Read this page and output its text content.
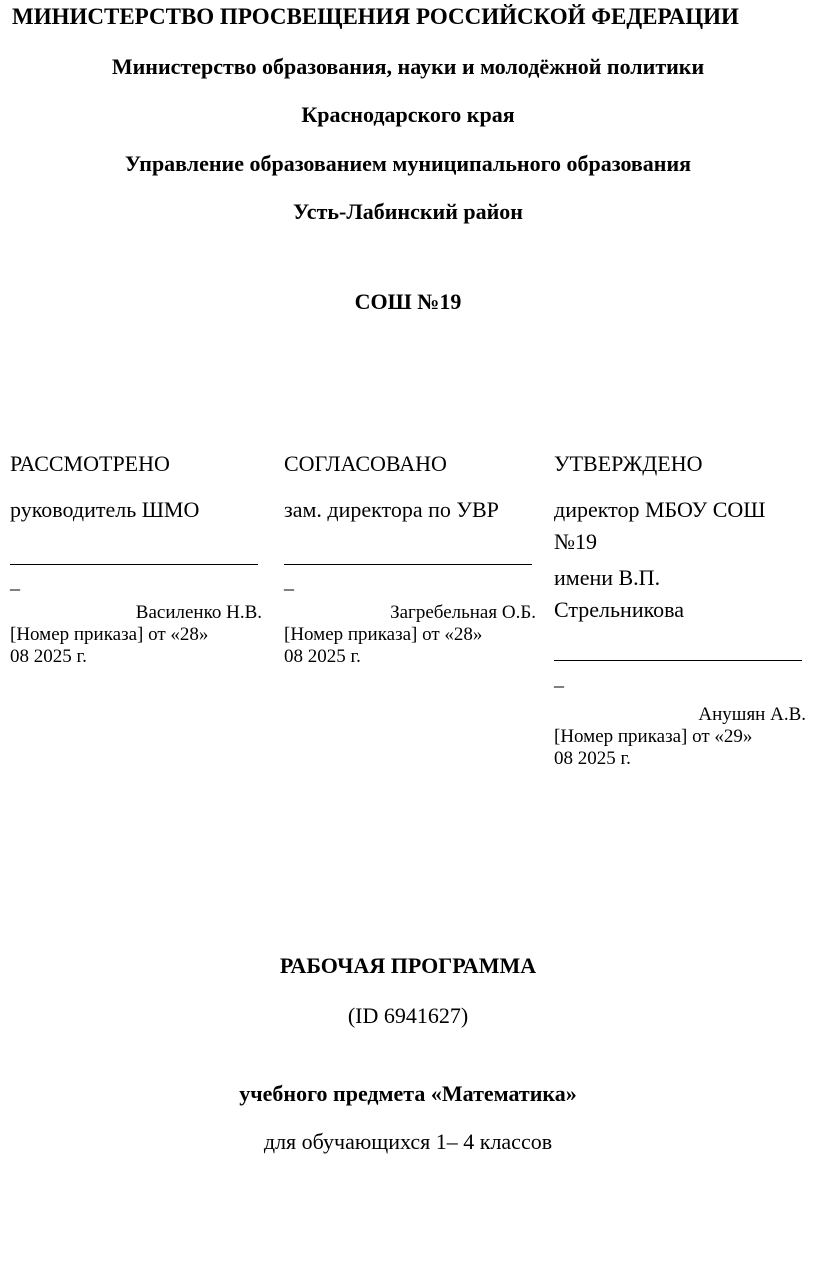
МИНИСТЕРСТВО ПРОСВЕЩЕНИЯ РОССИЙСКОЙ ФЕДЕРАЦИИ
Министерство образования, науки и молодёжной политики
Краснодарского края
Управление образованием муниципального образования
Усть-Лабинский район
СОШ №19
РАССМОТРЕНО
руководитель ШМО
_
Василенко Н.В.
[Номер приказа] от «28»
08 2025 г.
СОГЛАСОВАНО
зам. директора по УВР
_
Загребельная О.Б.
[Номер приказа] от «28»
08 2025 г.
УТВЕРЖДЕНО
директор МБОУ СОШ
№19
имени В.П.
Стрельникова
_
Анушян А.В.
[Номер приказа] от «29»
08 2025 г.
РАБОЧАЯ ПРОГРАММА
(ID 6941627)
учебного предмета «Математика»
для обучающихся 1– 4 классов
